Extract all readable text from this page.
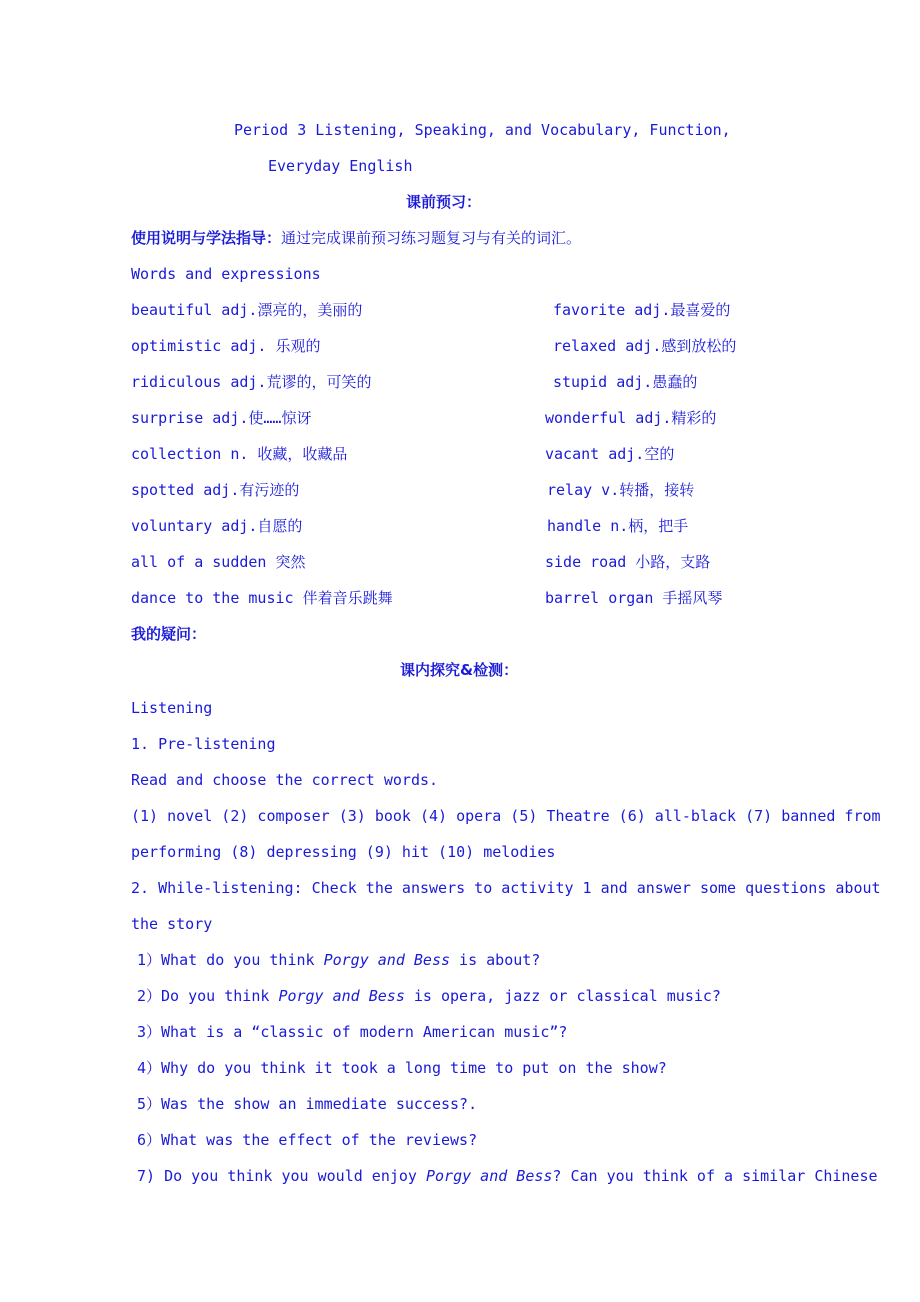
Period 3 Listening, Speaking, and Vocabulary, Function,
Everyday English
课前预习：
使用说明与学法指导：通过完成课前预习练习题复习与有关的词汇。
Words and expressions
beautiful adj.漂亮的，美丽的	favorite adj.最喜爱的
optimistic adj. 乐观的	relaxed adj.感到放松的
ridiculous adj.荒谬的，可笑的	stupid adj.愚蠢的
surprise adj.使……惊讶	wonderful adj.精彩的
collection n. 收藏，收藏品	vacant adj.空的
spotted adj.有污迹的	relay v.转播，接转
voluntary adj.自愿的	handle n.柄，把手
all of a sudden 突然	side road 小路，支路
dance to the music 伴着音乐跳舞	barrel organ 手摇风琴
我的疑问：
课内探究&检测：
Listening
1. Pre-listening
Read and choose the correct words.
(1) novel (2) composer (3) book (4) opera (5) Theatre (6) all-black (7) banned from
performing (8) depressing (9) hit (10) melodies
2. While-listening: Check the answers to activity 1 and answer some questions about
the story
1）What do you think Porgy and Bess is about?
2）Do you think Porgy and Bess is opera, jazz or classical music?
3）What is a “classic of modern American music”?
4）Why do you think it took a long time to put on the show?
5）Was the show an immediate success?.
6）What was the effect of the reviews?
7) Do you think you would enjoy Porgy and Bess? Can you think of a similar Chinese
